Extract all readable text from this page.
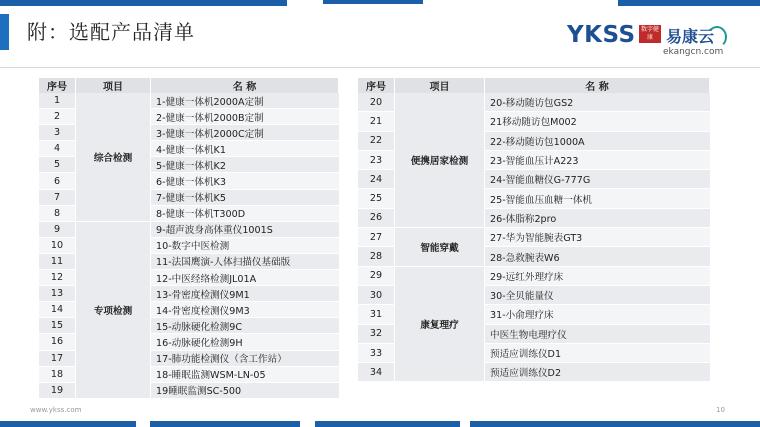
附：选配产品清单	YKSS 数字健康 易康云
ekangcn.com
序号	项目	名 称
1	综合检测	1-健康一体机2000A定制
2		2-健康一体机2000B定制
3		3-健康一体机2000C定制
4		4-健康一体机K1
5		5-健康一体机K2
6		6-健康一体机K3
7		7-健康一体机K5
8		8-健康一体机T300D
9	专项检测	9-超声波身高体重仪1001S
10		10-数字中医检测
11		11-法国鹰演-人体扫描仪基础版
12		12-中医经络检测JL01A
13		13-骨密度检测仪9M1
14		14-骨密度检测仪9M3
15		15-动脉硬化检测9C
16		16-动脉硬化检测9H
17		17-肺功能检测仪（含工作站）
18		18-睡眠监测WSM-LN-05
19		19睡眠监测SC-500
序号	项目	名 称
20	便携居家检测	20-移动随访包GS2
21		21移动随访包M002
22		22-移动随访包1000A
23		23-智能血压计A223
24		24-智能血糖仪G-777G
25		25-智能血压血糖一体机
26		26-体脂称2pro
27	智能穿戴	27-华为智能腕表GT3
28		28-急救腕表W6
29	康复理疗	29-远红外理疗床
30		30-全贝能量仪
31		31-小俞理疗床
32		中医生物电理疗仪
33		预适应训练仪D1
34		预适应训练仪D2
www.ykss.com	10
